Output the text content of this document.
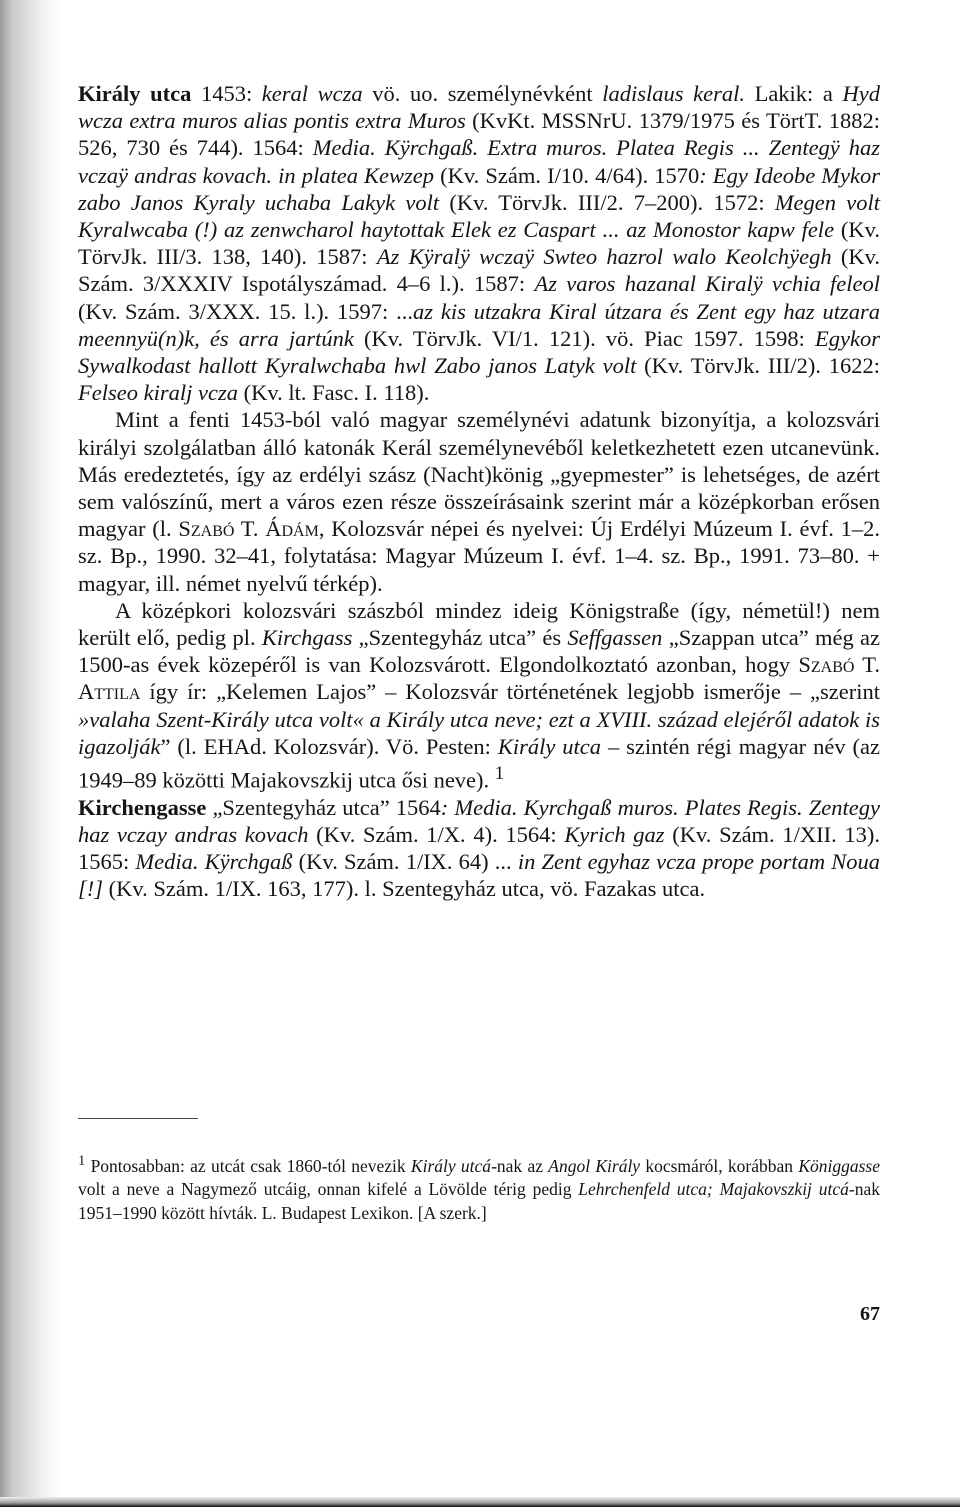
Király utca 1453: keral wcza vö. uo. személynévként ladislaus keral. Lakik: a Hyd wcza extra muros alias pontis extra Muros (KvKt. MSSNrU. 1379/1975 és TörtT. 1882: 526, 730 és 744). 1564: Media. Kÿrchgaß. Extra muros. Platea Regis ... Zentegÿ haz vczaÿ andras kovach. in platea Kewzep (Kv. Szám. I/10. 4/64). 1570: Egy Ideobe Mykor zabo Janos Kyraly uchaba Lakyk volt (Kv. TörvJk. III/2. 7–200). 1572: Megen volt Kyralwcaba (!) az zenwcharol haytottak Elek ez Caspart ... az Monostor kapw fele (Kv. TörvJk. III/3. 138, 140). 1587: Az Kÿralÿ wczaÿ Swteo hazrol walo Keolchÿegh (Kv. Szám. 3/XXXIV Ispotályszámad. 4–6 l.). 1587: Az varos hazanal Kiralÿ vchia feleol (Kv. Szám. 3/XXX. 15. l.). 1597: ...az kis utzakra Kiral útzara és Zent egy haz utzara meennyü(n)k, és arra jartúnk (Kv. TörvJk. VI/1. 121). vö. Piac 1597. 1598: Egykor Sywalkodast hallott Kyralwchaba hwl Zabo janos Latyk volt (Kv. TörvJk. III/2). 1622: Felseo kiralj vcza (Kv. lt. Fasc. I. 118).

Mint a fenti 1453-ból való magyar személynévi adatunk bizonyítja, a kolozsvári királyi szolgálatban álló katonák Kerál személynevéből keletkezhetett ezen utcanevünk. Más eredeztetés, így az erdélyi szász (Nacht)könig „gyepmester” is lehetséges, de azért sem valószínű, mert a város ezen része összeírásaink szerint már a középkorban erősen magyar (l. Szabó T. Ádám, Kolozsvár népei és nyelvei: Új Erdélyi Múzeum I. évf. 1–2. sz. Bp., 1990. 32–41, folytatása: Magyar Múzeum I. évf. 1–4. sz. Bp., 1991. 73–80. + magyar, ill. német nyelvű térkép).

A középkori kolozsvári szászból mindez ideig Königstraße (így, németül!) nem került elő, pedig pl. Kirchgass „Szentegyház utca” és Seffgassen „Szappan utca” még az 1500-as évek közepéről is van Kolozsvárott. Elgondolkoztató azonban, hogy Szabó T. Attila így ír: „Kelemen Lajos” – Kolozsvár történetének legjobb ismerője – „szerint »valaha Szent-Király utca volt« a Király utca neve; ezt a XVIII. század elejéről adatok is igazolják” (l. EHAd. Kolozsvár). Vö. Pesten: Király utca – szintén régi magyar név (az 1949–89 közötti Majakovszkij utca ősi neve). $^1$

Kirchengasse „Szentegyház utca” 1564: Media. Kyrchgaß muros. Plates Regis. Zentegy haz vczay andras kovach (Kv. Szám. 1/X. 4). 1564: Kyrich gaz (Kv. Szám. 1/XII. 13). 1565: Media. Kÿrchgaß (Kv. Szám. 1/IX. 64) ... in Zent egyhaz vcza prope portam Noua [!] (Kv. Szám. 1/IX. 163, 177). l. Szentegyház utca, vö. Fazakas utca.

$^1$ Pontosabban: az utcát csak 1860-tól nevezik Király utcá-nak az Angol Király kocsmáról, korábban Königgasse volt a neve a Nagymező utcáig, onnan kifelé a Lövölde térig pedig Lehrchenfeld utca; Majakovszkij utcá-nak 1951–1990 között hívták. L. Budapest Lexikon. [A szerk.]
67
